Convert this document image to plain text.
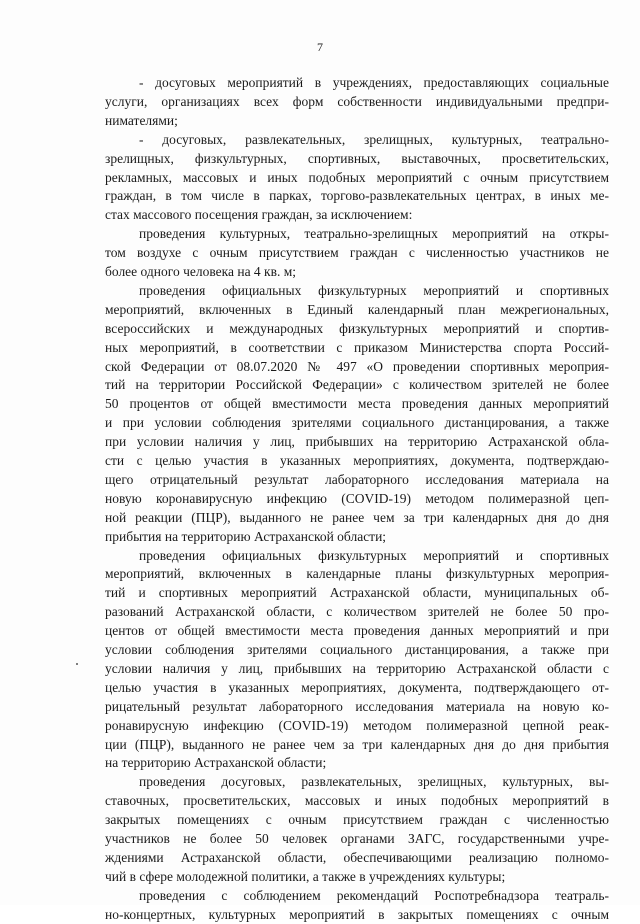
7
- досуговых мероприятий в учреждениях, предоставляющих социальные
услуги, организациях всех форм собственности индивидуальными предпри-
нимателями;
- досуговых, развлекательных, зрелищных, культурных, театрально-
зрелищных, физкультурных, спортивных, выставочных, просветительских,
рекламных, массовых и иных подобных мероприятий с очным присутствием
граждан, в том числе в парках, торгово-развлекательных центрах, в иных ме-
стах массового посещения граждан, за исключением:
проведения культурных, театрально-зрелищных мероприятий на откры-
том воздухе с очным присутствием граждан с численностью участников не
более одного человека на 4 кв. м;
проведения официальных физкультурных мероприятий и спортивных
мероприятий, включенных в Единый календарный план межрегиональных,
всероссийских и международных физкультурных мероприятий и спортив-
ных мероприятий, в соответствии с приказом Министерства спорта Россий-
ской Федерации от 08.07.2020 № 497 «О проведении спортивных мероприя-
тий на территории Российской Федерации» с количеством зрителей не более
50 процентов от общей вместимости места проведения данных мероприятий
и при условии соблюдения зрителями социального дистанцирования, а также
при условии наличия у лиц, прибывших на территорию Астраханской обла-
сти с целью участия в указанных мероприятиях, документа, подтверждаю-
щего отрицательный результат лабораторного исследования материала на
новую коронавирусную инфекцию (COVID-19) методом полимеразной цеп-
ной реакции (ПЦР), выданного не ранее чем за три календарных дня до дня
прибытия на территорию Астраханской области;
проведения официальных физкультурных мероприятий и спортивных
мероприятий, включенных в календарные планы физкультурных мероприя-
тий и спортивных мероприятий Астраханской области, муниципальных об-
разований Астраханской области, с количеством зрителей не более 50 про-
центов от общей вместимости места проведения данных мероприятий и при
условии соблюдения зрителями социального дистанцирования, а также при
условии наличия у лиц, прибывших на территорию Астраханской области с
целью участия в указанных мероприятиях, документа, подтверждающего от-
рицательный результат лабораторного исследования материала на новую ко-
ронавирусную инфекцию (COVID-19) методом полимеразной цепной реак-
ции (ПЦР), выданного не ранее чем за три календарных дня до дня прибытия
на территорию Астраханской области;
проведения досуговых, развлекательных, зрелищных, культурных, вы-
ставочных, просветительских, массовых и иных подобных мероприятий в
закрытых помещениях с очным присутствием граждан с численностью
участников не более 50 человек органами ЗАГС, государственными учре-
ждениями Астраханской области, обеспечивающими реализацию полномо-
чий в сфере молодежной политики, а также в учреждениях культуры;
проведения с соблюдением рекомендаций Роспотребнадзора театраль-
но-концертных, культурных мероприятий в закрытых помещениях с очным
